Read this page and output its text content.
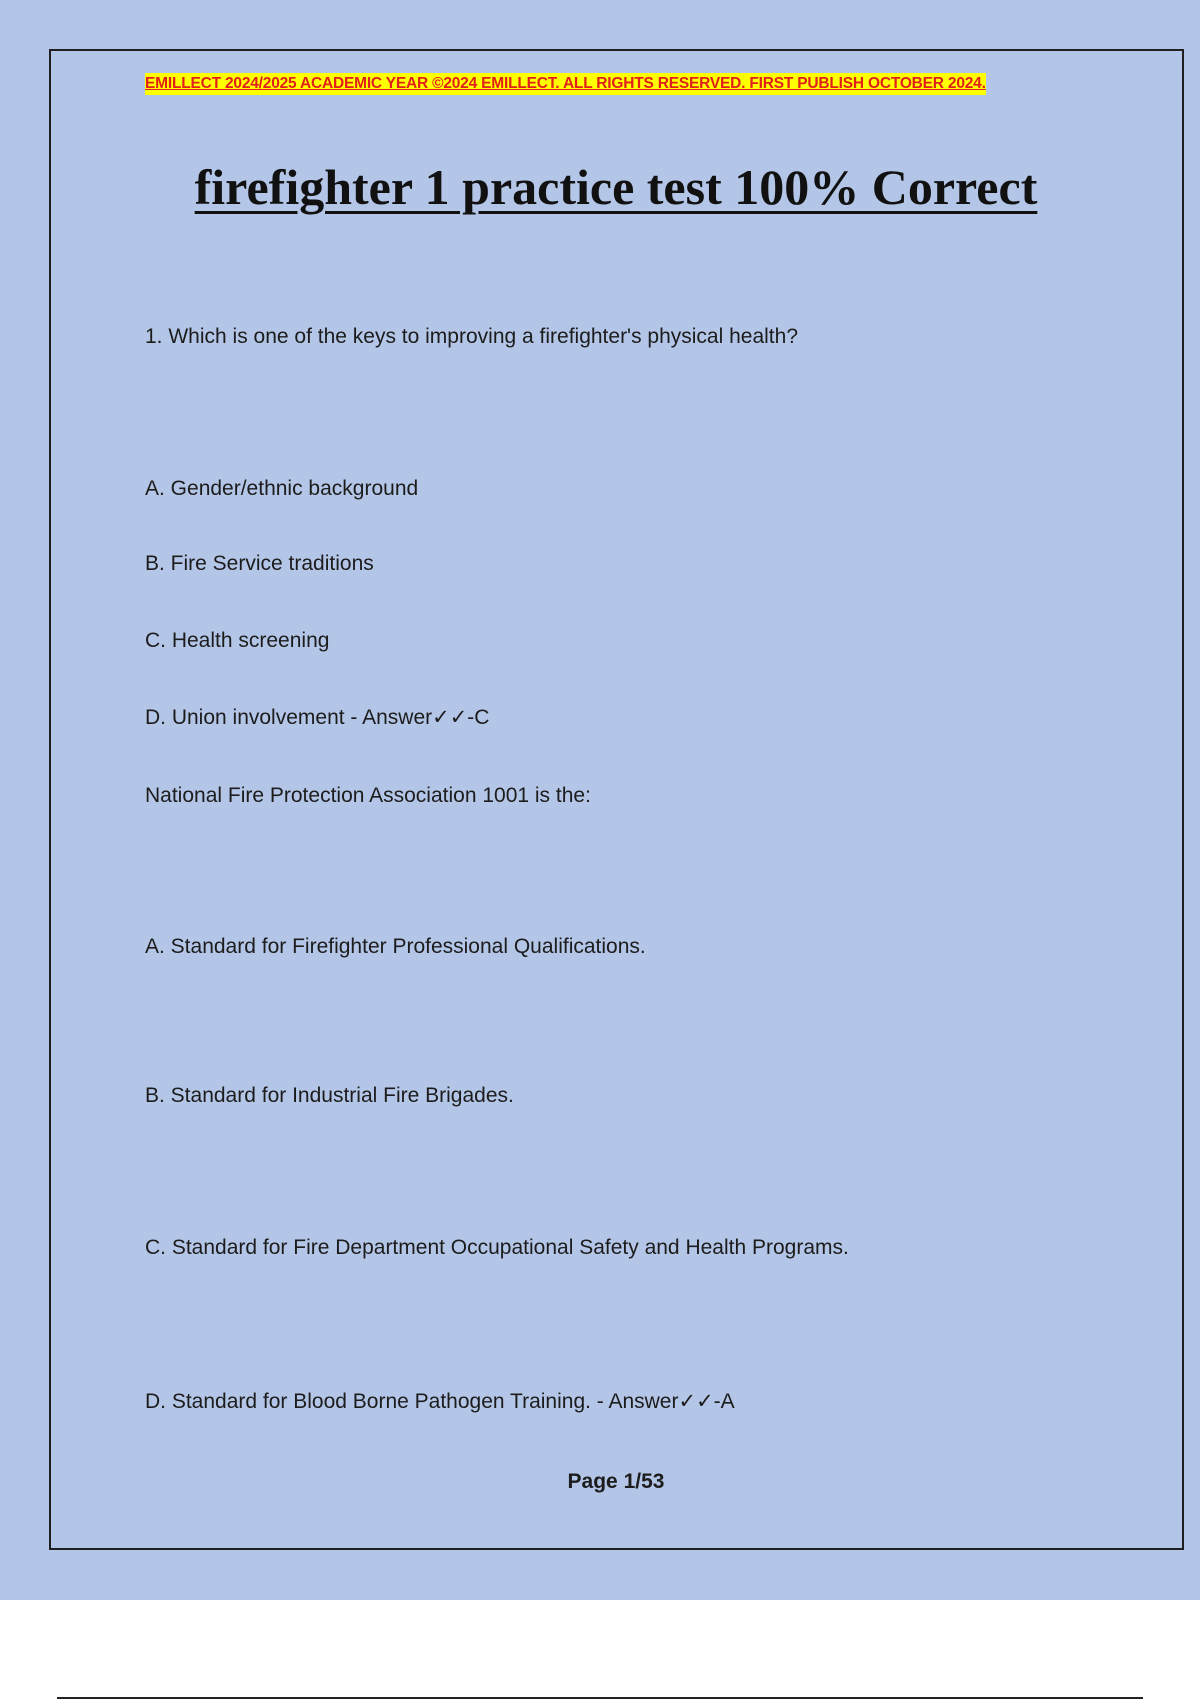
EMILLECT 2024/2025 ACADEMIC YEAR ©2024 EMILLECT. ALL RIGHTS RESERVED. FIRST PUBLISH OCTOBER 2024.
firefighter 1 practice test 100% Correct
1. Which is one of the keys to improving a firefighter's physical health?
A. Gender/ethnic background
B. Fire Service traditions
C. Health screening
D. Union involvement - Answer✓✓-C
National Fire Protection Association 1001 is the:
A. Standard for Firefighter Professional Qualifications.
B. Standard for Industrial Fire Brigades.
C. Standard for Fire Department Occupational Safety and Health Programs.
D. Standard for Blood Borne Pathogen Training. - Answer✓✓-A
Page 1/53
